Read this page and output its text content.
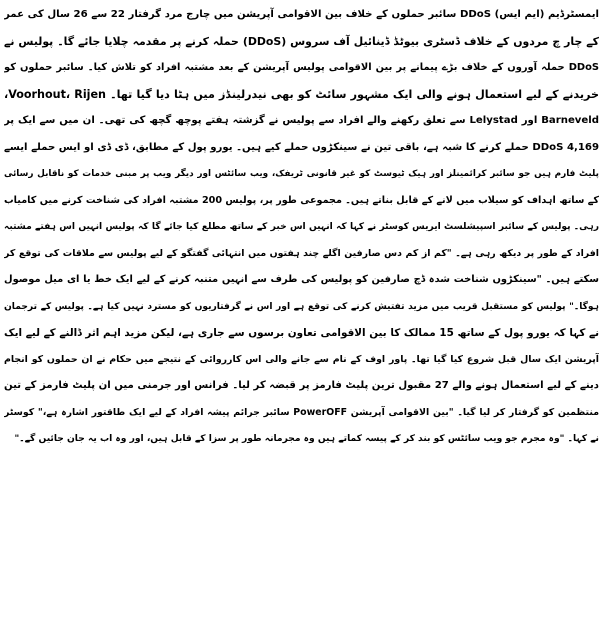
ایمسٹرڈیم (ایم ایس) DDoS سائبر حملوں کے خلاف بین الاقوامی آپریشن میں چارج مرد گرفتار 22 سے 26 سال کی عمر
کے چار چ مردوں کے خلاف ڈسٹری بیوٹڈ ڈینائیل آف سروس (DDoS) حملہ کرنے پر مقدمہ چلایا جائے گا۔ پولیس نے
DDoS حملہ آوروں کے خلاف بڑے پیمانے پر بین الاقوامی پولیس آپریشن کے بعد مشتبہ افراد کو تلاش کیا۔ سائبر حملوں کو
خریدنے کے لیے استعمال ہونے والی ایک مشہور سائٹ کو بھی نیدرلینڈز میں ہٹا دیا گیا تھا۔ Voorhout، Rijen،
Barneveld اور Lelystad سے تعلق رکھنے والے افراد سے پولیس نے گزشتہ ہفتے پوچھ گچھ کی تھی۔ ان میں سے ایک پر
4,169 DDoS حملے کرنے کا شبہ ہے، باقی تین نے سینکڑوں حملے کیے ہیں۔ یورو پول کے مطابق، ڈی ڈی او ایس حملے ایسے
پلیٹ فارم ہیں جو سائبر کرائمینلز اور ہیک ٹیوسٹ کو غیر قانونی ٹریفک، ویب سائٹس اور دیگر ویب پر مبنی خدمات کو ناقابل رسائی
کے ساتھ اہداف کو سیلاب میں لانے کے قابل بناتے ہیں۔ مجموعی طور پر، پولیس 200 مشتبہ افراد کی شناخت کرنے میں کامیاب
رہی۔ پولیس کے سائبر اسپیشلسٹ ایریس کوسٹر نے کہا کہ انہیں اس خبر کے ساتھ مطلع کیا جائے گا کہ پولیس انہیں اس ہفتے مشتبہ
افراد کے طور پر دیکھ رہی ہے۔ "کم از کم دس صارفین اگلے چند ہفتوں میں انتہائی گفتگو کے لیے پولیس سے ملاقات کی توقع کر
سکتے ہیں۔ "سینکڑوں شناخت شدہ ڈچ صارفین کو پولیس کی طرف سے انہیں متنبہ کرنے کے لیے ایک خط یا ای میل موصول
ہوگا۔" پولیس کو مستقبل قریب میں مزید تفتیش کرنے کی توقع ہے اور اس نے گرفتاریوں کو مسترد نہیں کیا ہے۔ پولیس کے ترجمان
نے کہا کہ یورو پول کے ساتھ 15 ممالک کا بین الاقوامی تعاون برسوں سے جاری ہے، لیکن مزید اہم اثر ڈالنے کے لیے ایک
آپریشن ایک سال قبل شروع کیا گیا تھا۔ پاور اوف کے نام سے جانے والی اس کارروائی کے نتیجے میں حکام نے ان حملوں کو انجام
دینے کے لیے استعمال ہونے والے 27 مقبول ترین پلیٹ فارمز پر قبضہ کر لیا۔ فرانس اور جرمنی میں ان پلیٹ فارمز کے تین
منتظمین کو گرفتار کر لیا گیا۔ "بین الاقوامی آپریشن PowerOFF سائبر جرائم پیشہ افراد کے لیے ایک طاقتور اشارہ ہے،" کوسٹر
نے کہا۔ "وہ مجرم جو ویب سائٹس کو بند کر کے پیسہ کماتے ہیں وہ مجرمانہ طور پر سزا کے قابل ہیں، اور وہ اب یہ جان جائیں گے۔"
